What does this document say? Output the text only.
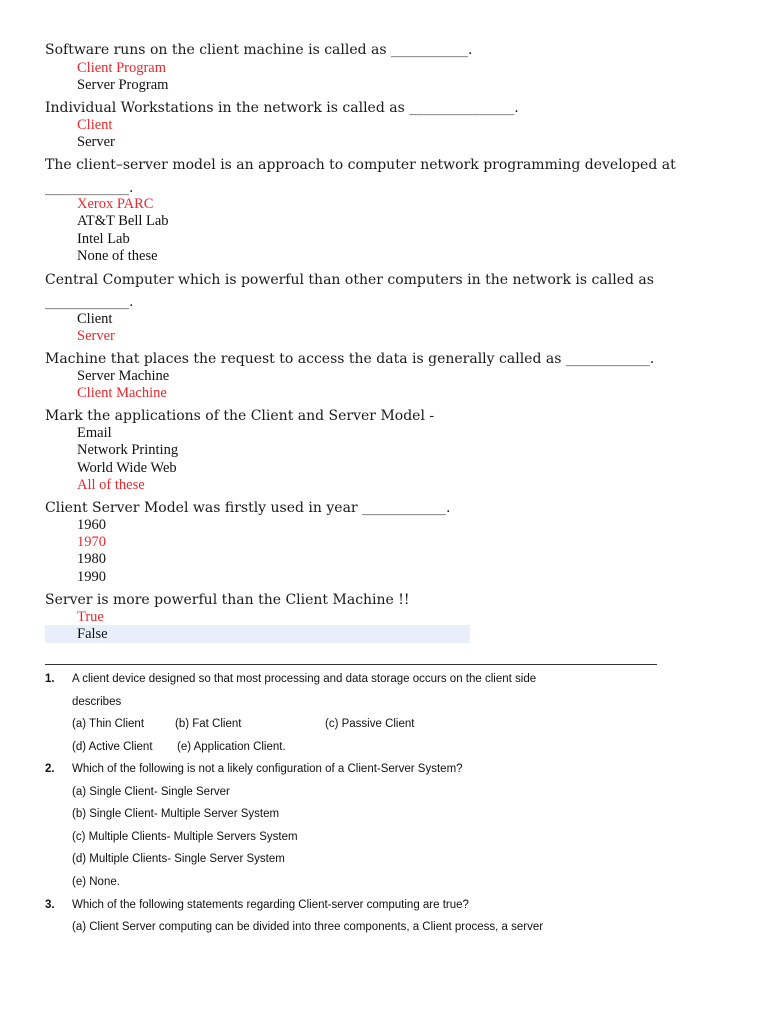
Software runs on the client machine is called as ___________.
Client Program
Server Program
Individual Workstations in the network is called as _______________.
Client
Server
The client–server model is an approach to computer network programming developed at
____________.
Xerox PARC
AT&T Bell Lab
Intel Lab
None of these
Central Computer which is powerful than other computers in the network is called as
____________.
Client
Server
Machine that places the request to access the data is generally called as ____________.
Server Machine
Client Machine
Mark the applications of the Client and Server Model -
Email
Network Printing
World Wide Web
All of these
Client Server Model was firstly used in year ____________.
1960
1970
1980
1990
Server is more powerful than the Client Machine !!
True
False
1. A client device designed so that most processing and data storage occurs on the client side
describes
(a) Thin Client	(b) Fat Client	(c) Passive Client
(d) Active Client (e) Application Client.
2. Which of the following is not a likely configuration of a Client-Server System?
(a) Single Client- Single Server
(b) Single Client- Multiple Server System
(c) Multiple Clients- Multiple Servers System
(d) Multiple Clients- Single Server System
(e) None.
3. Which of the following statements regarding Client-server computing are true?
(a) Client Server computing can be divided into three components, a Client process, a server
